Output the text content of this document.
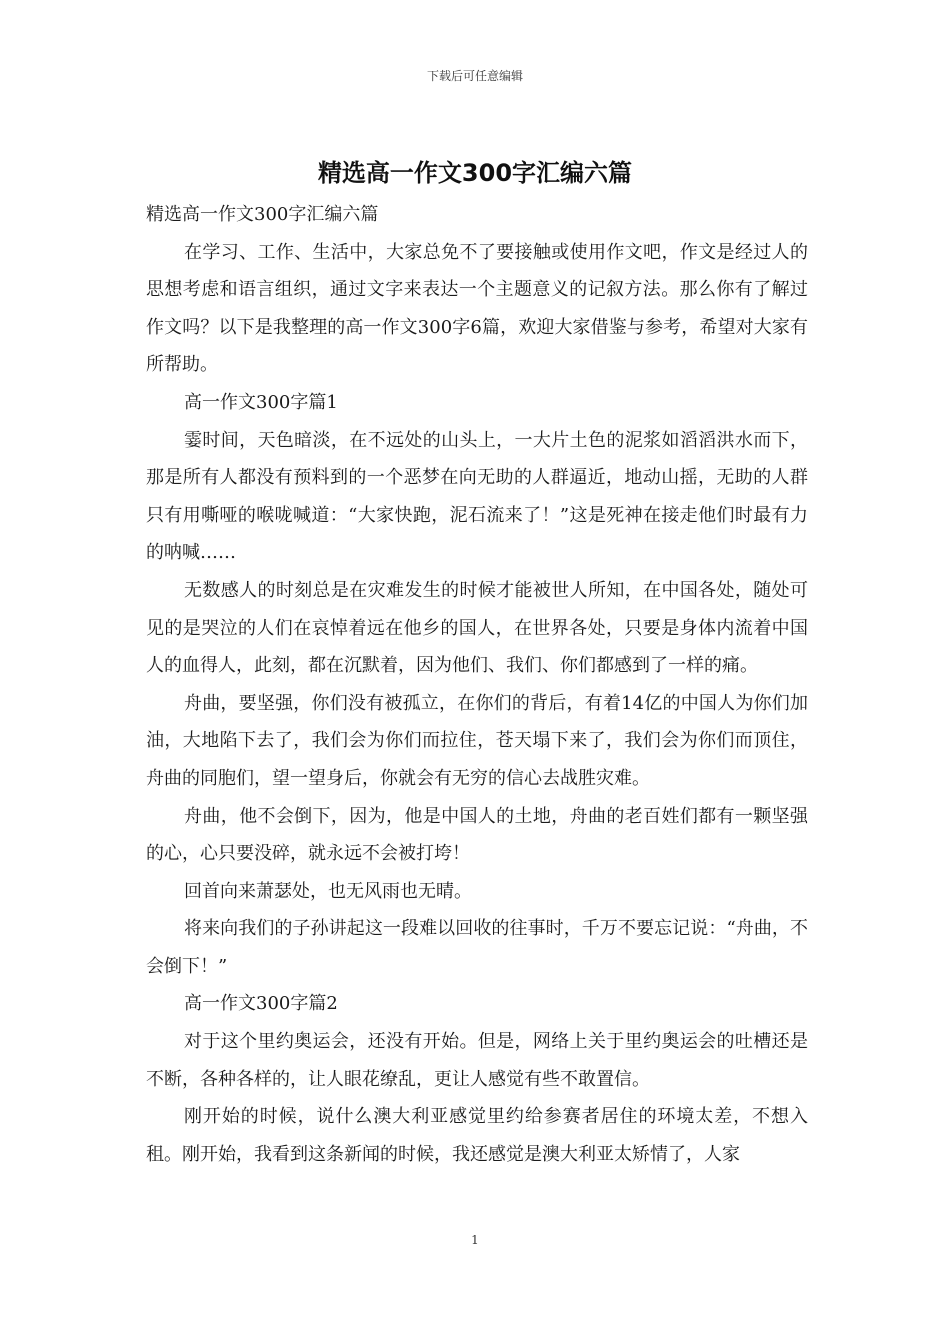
下载后可任意编辑
精选高一作文300字汇编六篇

精选高一作文300字汇编六篇

在学习、工作、生活中，大家总免不了要接触或使用作文吧，作文是经过人的思想考虑和语言组织，通过文字来表达一个主题意义的记叙方法。那么你有了解过作文吗？以下是我整理的高一作文300字6篇，欢迎大家借鉴与参考，希望对大家有所帮助。

高一作文300字篇1

霎时间，天色暗淡，在不远处的山头上，一大片土色的泥浆如滔滔洪水而下，那是所有人都没有预料到的一个恶梦在向无助的人群逼近，地动山摇，无助的人群只有用嘶哑的喉咙喊道：“大家快跑，泥石流来了！”这是死神在接走他们时最有力的呐喊……

无数感人的时刻总是在灾难发生的时候才能被世人所知，在中国各处，随处可见的是哭泣的人们在哀悼着远在他乡的国人，在世界各处，只要是身体内流着中国人的血得人，此刻，都在沉默着，因为他们、我们、你们都感到了一样的痛。

舟曲，要坚强，你们没有被孤立，在你们的背后，有着14亿的中国人为你们加油，大地陷下去了，我们会为你们而拉住，苍天塌下来了，我们会为你们而顶住，舟曲的同胞们，望一望身后，你就会有无穷的信心去战胜灾难。

舟曲，他不会倒下，因为，他是中国人的土地，舟曲的老百姓们都有一颗坚强的心，心只要没碎，就永远不会被打垮！

回首向来萧瑟处，也无风雨也无晴。

将来向我们的子孙讲起这一段难以回收的往事时，千万不要忘记说：“舟曲，不会倒下！”

高一作文300字篇2

对于这个里约奥运会，还没有开始。但是，网络上关于里约奥运会的吐槽还是不断，各种各样的，让人眼花缭乱，更让人感觉有些不敢置信。

刚开始的时候，说什么澳大利亚感觉里约给参赛者居住的环境太差，不想入租。刚开始，我看到这条新闻的时候，我还感觉是澳大利亚太矫情了，人家

1
